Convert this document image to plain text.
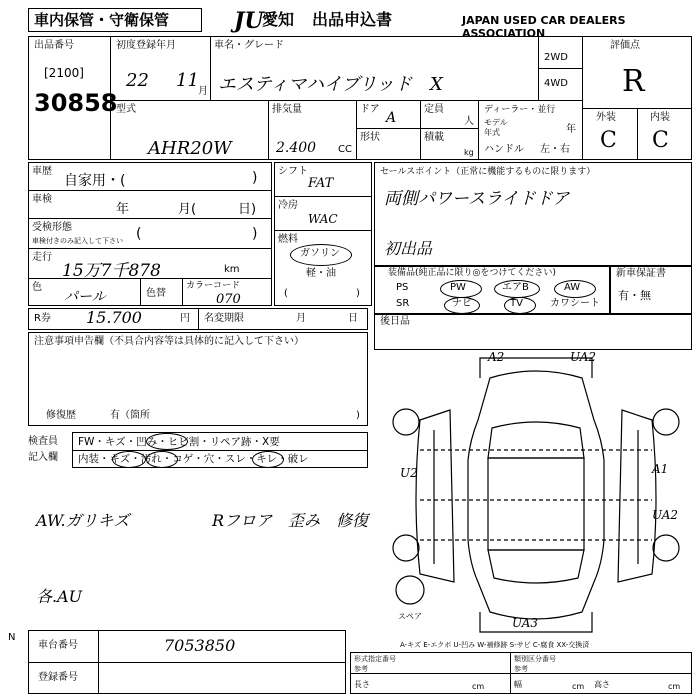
車内保管・守衛保管	JU
愛知 出品申込書	JAPAN USED CAR DEALERS ASSOCIATION
出品番号
[2100]
30858
初度登録年月
22 11
月
車名・グレード
エスティマハイブリッド　X
2WD
4WD
評価点
R
外装	内装
C C
型式
AHR20W
排気量
2.400 CC
ドア
A
定員
人
形状	積載
kg
ディーラー・並行
モデル
年式	年
ハンドル 左・右
車歴
自家用・(	)
車検
年	月(	日)
受検形態
車検付きのみ記入して下さい (	)
走行
15万7千878	km
色
パール	色替
カラーコード
070
シフト
FAT
冷房
WAC
燃料
ガソリン
軽・油
(	)
セールスポイント（正常に機能するものに限ります）
両側パワースライドドア
初出品
装備品(純正品に限り◎をつけてください)
PS	PW	エアB	AW
SR	ナビ	TV	カワシート
新車保証書
有・無
R券 15.700	円 名変期限	月	日 後日品
注意事項申告欄（不具合内容等は具体的に記入して下さい）
修復歴	有（箇所	)
検査員
記入欄
FW・キズ・凹み・ヒビ割・リペア跡・X要
内装・キズ・汚れ・コゲ・穴・スレ・キレ・破レ
AW.ガリキズ	Rフロア　歪み　修復
各.AU
A2	UA2
A1
UA2
U2
UA3
スペア
A-キズ E-エクボ U-凹み W-補修跡 S-サビ C-腐食 XX-交換済
N
車台番号	7053850
登録番号
形式指定番号
参考
類別区分番号
参考
長さ	cm	幅	cm 高さ	cm
